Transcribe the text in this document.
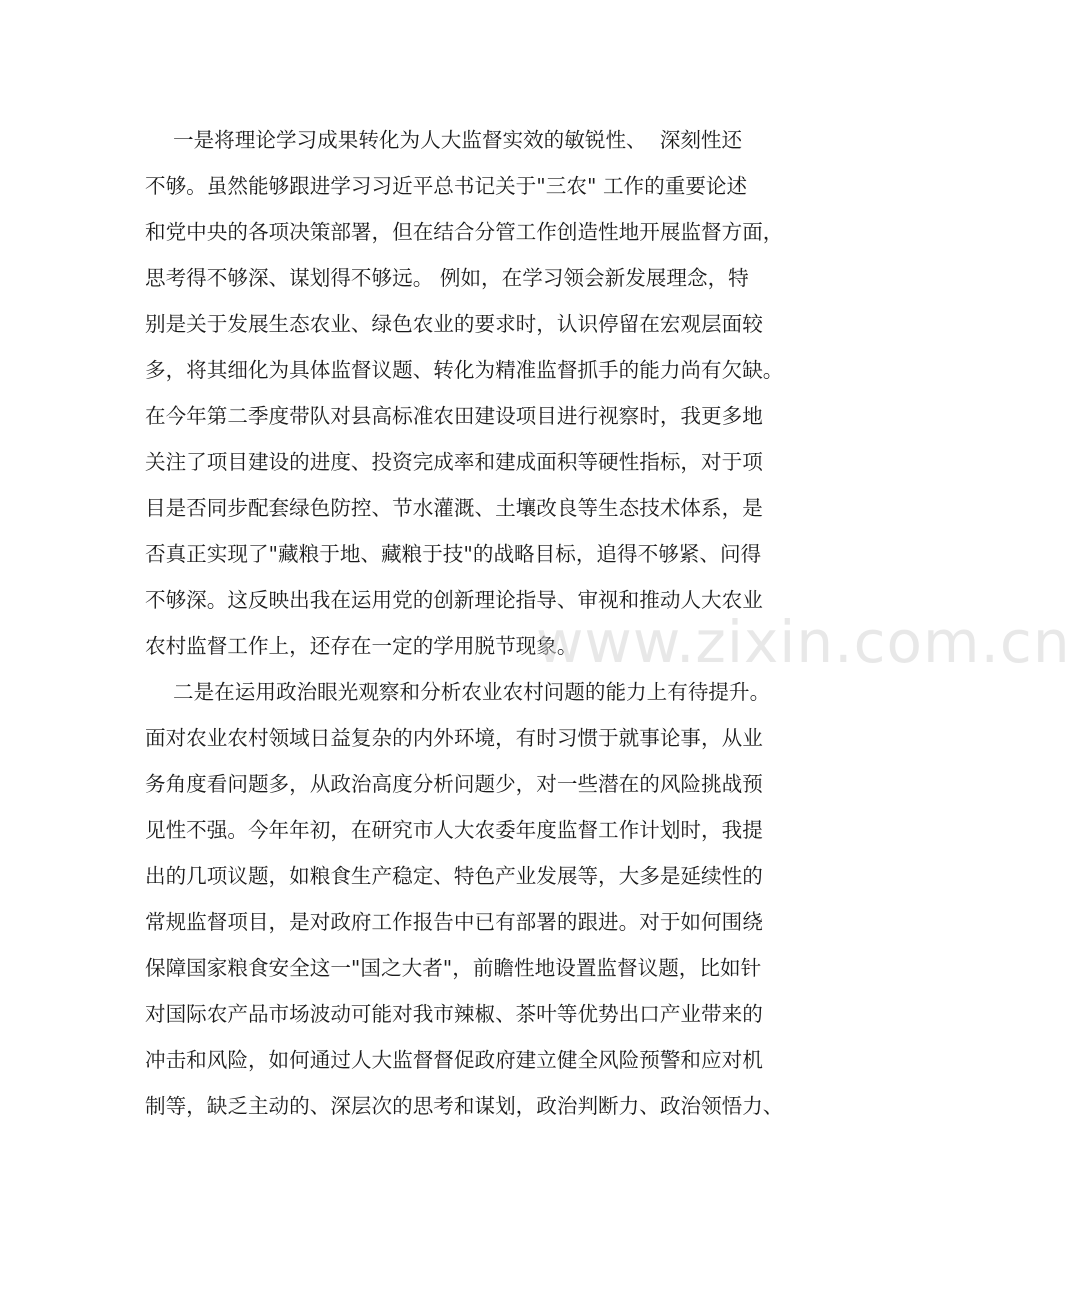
一是将理论学习成果转化为人大监督实效的敏锐性、  深刻性还
不够。虽然能够跟进学习习近平总书记关于"三农" 工作的重要论述
和党中央的各项决策部署，但在结合分管工作创造性地开展监督方面，
思考得不够深、谋划得不够远。 例如，在学习领会新发展理念，特
别是关于发展生态农业、绿色农业的要求时，认识停留在宏观层面较
多，将其细化为具体监督议题、转化为精准监督抓手的能力尚有欠缺。
在今年第二季度带队对县高标准农田建设项目进行视察时，我更多地
关注了项目建设的进度、投资完成率和建成面积等硬性指标，对于项
目是否同步配套绿色防控、节水灌溉、土壤改良等生态技术体系，是
否真正实现了"藏粮于地、藏粮于技"的战略目标，追得不够紧、问得
不够深。这反映出我在运用党的创新理论指导、审视和推动人大农业
农村监督工作上，还存在一定的学用脱节现象。
二是在运用政治眼光观察和分析农业农村问题的能力上有待提升。
面对农业农村领域日益复杂的内外环境，有时习惯于就事论事，从业
务角度看问题多，从政治高度分析问题少，对一些潜在的风险挑战预
见性不强。今年年初，在研究市人大农委年度监督工作计划时，我提
出的几项议题，如粮食生产稳定、特色产业发展等，大多是延续性的
常规监督项目，是对政府工作报告中已有部署的跟进。对于如何围绕
保障国家粮食安全这一"国之大者"，前瞻性地设置监督议题，比如针
对国际农产品市场波动可能对我市辣椒、茶叶等优势出口产业带来的
冲击和风险，如何通过人大监督督促政府建立健全风险预警和应对机
制等，缺乏主动的、深层次的思考和谋划，政治判断力、政治领悟力、
www.zixin.com.cn
